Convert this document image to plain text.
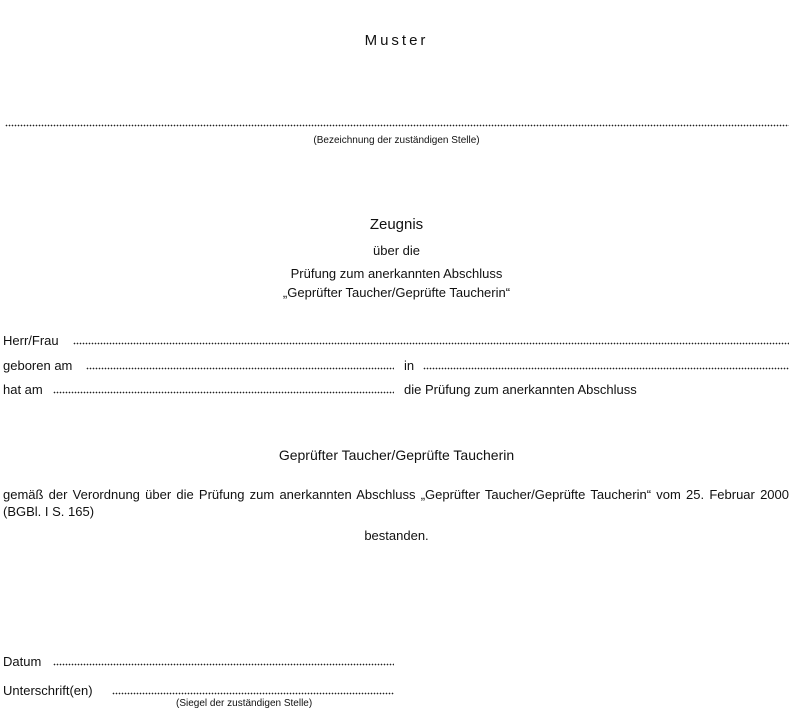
Muster
(Bezeichnung der zuständigen Stelle)
Zeugnis
über die
Prüfung zum anerkannten Abschluss
„Geprüfter Taucher/Geprüfte Taucherin“
Herr/Frau
geboren am	in
hat am	die Prüfung zum anerkannten Abschluss
Geprüfter Taucher/Geprüfte Taucherin
gemäß der Verordnung über die Prüfung zum anerkannten Abschluss „Geprüfter Taucher/Geprüfte Taucherin“ vom 25. Februar 2000 (BGBl. I S. 165)
bestanden.
Datum
Unterschrift(en)
(Siegel der zuständigen Stelle)
